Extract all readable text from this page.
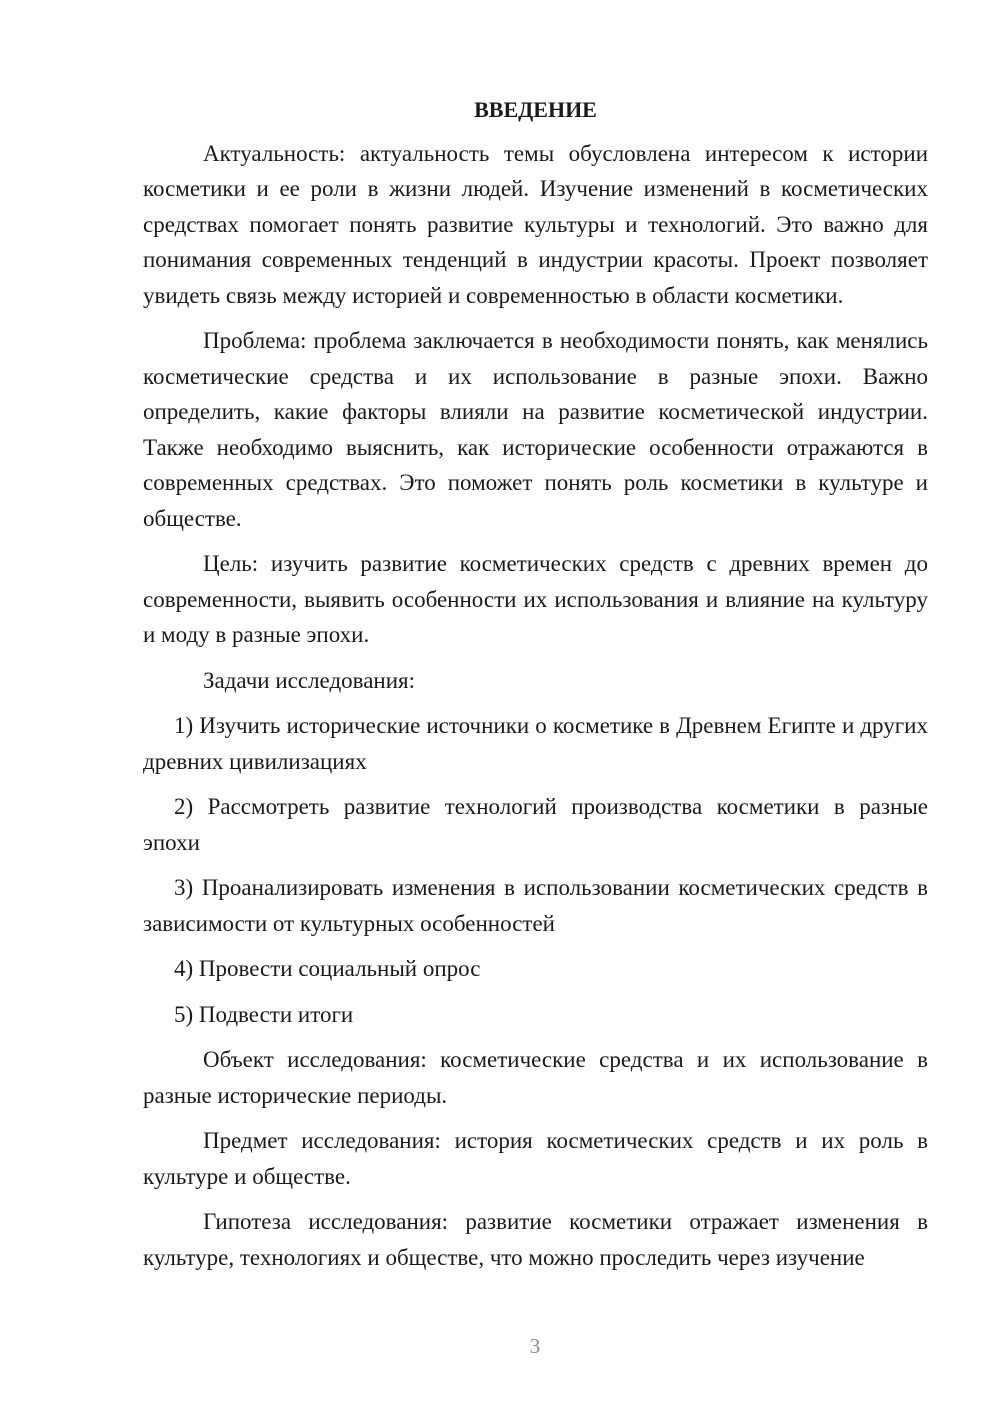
ВВЕДЕНИЕ

Актуальность: актуальность темы обусловлена интересом к истории косметики и ее роли в жизни людей. Изучение изменений в косметических средствах помогает понять развитие культуры и технологий. Это важно для понимания современных тенденций в индустрии красоты. Проект позволяет увидеть связь между историей и современностью в области косметики.

Проблема: проблема заключается в необходимости понять, как менялись косметические средства и их использование в разные эпохи. Важно определить, какие факторы влияли на развитие косметической индустрии. Также необходимо выяснить, как исторические особенности отражаются в современных средствах. Это поможет понять роль косметики в культуре и обществе.

Цель: изучить развитие косметических средств с древних времен до современности, выявить особенности их использования и влияние на культуру и моду в разные эпохи.

Задачи исследования:

1) Изучить исторические источники о косметике в Древнем Египте и других древних цивилизациях

2) Рассмотреть развитие технологий производства косметики в разные эпохи

3) Проанализировать изменения в использовании косметических средств в зависимости от культурных особенностей

4) Провести социальный опрос

5) Подвести итоги

Объект исследования: косметические средства и их использование в разные исторические периоды.

Предмет исследования: история косметических средств и их роль в культуре и обществе.

Гипотеза исследования: развитие косметики отражает изменения в культуре, технологиях и обществе, что можно проследить через изучение

3
